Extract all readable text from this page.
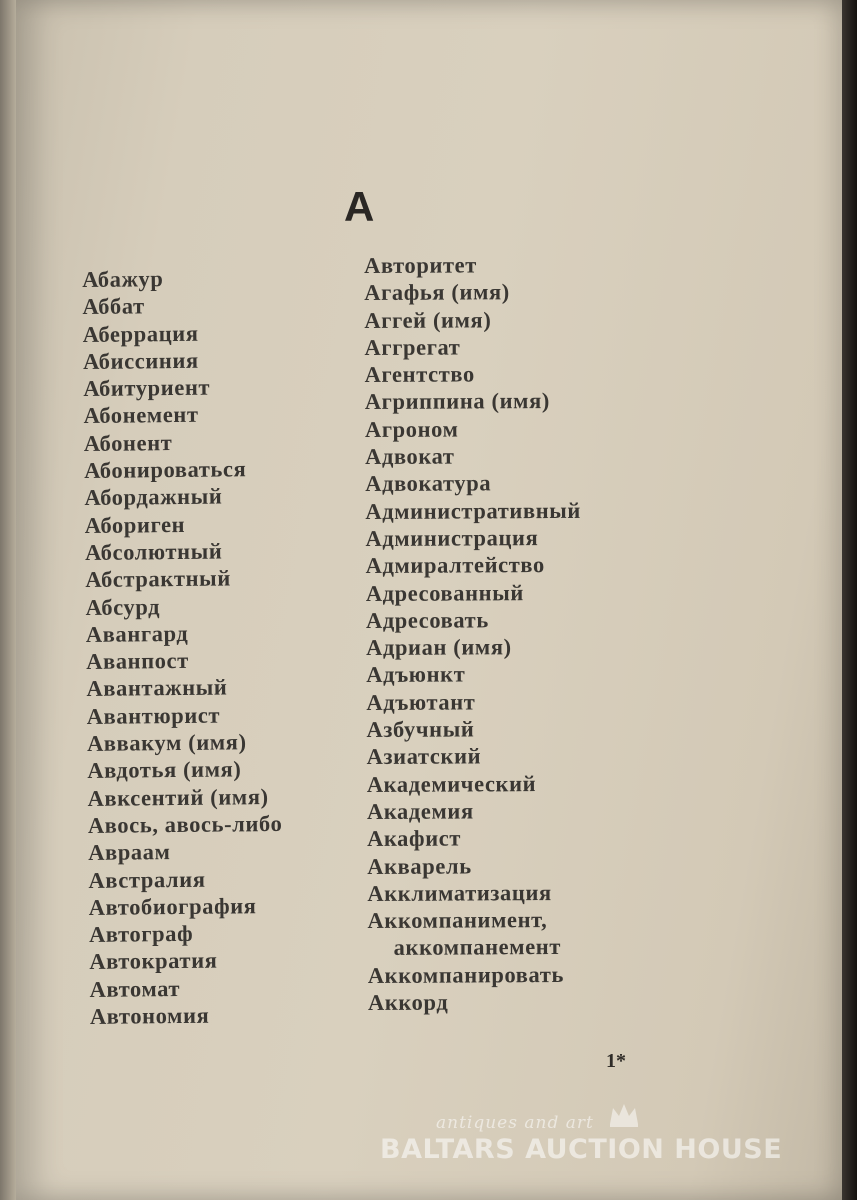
А
Абажур
Аббат
Аберрация
Абиссиния
Абитуриент
Абонемент
Абонент
Абонироваться
Абордажный
Абориген
Абсолютный
Абстрактный
Абсурд
Авангард
Аванпост
Авантажный
Авантюрист
Аввакум (имя)
Авдотья (имя)
Авксентий (имя)
Авось, авось-либо
Авраам
Австралия
Автобиография
Автограф
Автократия
Автомат
Автономия
Авторитет
Агафья (имя)
Аггей (имя)
Аггрегат
Агентство
Агриппина (имя)
Агроном
Адвокат
Адвокатура
Административный
Администрация
Адмиралтейство
Адресованный
Адресовать
Адриан (имя)
Адъюнкт
Адъютант
Азбучный
Азиатский
Академический
Академия
Акафист
Акварель
Акклиматизация
Аккомпанимент,
аккомпанемент
Аккомпанировать
Аккорд
1*
antiques and art
BALTARS AUCTION HOUSE
